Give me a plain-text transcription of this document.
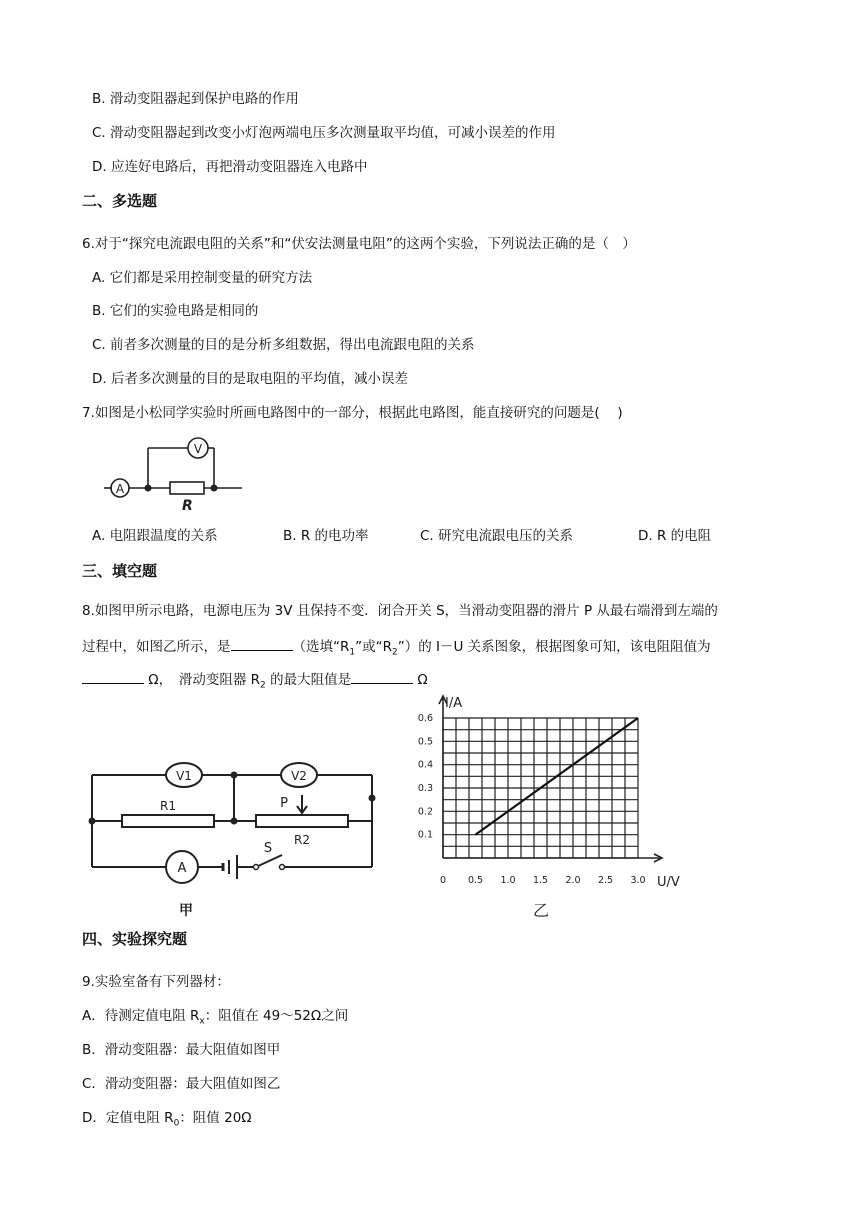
B. 滑动变阻器起到保护电路的作用
C. 滑动变阻器起到改变小灯泡两端电压多次测量取平均值，可减小误差的作用
D. 应连好电路后，再把滑动变阻器连入电路中
二、多选题
6.对于“探究电流跟电阻的关系”和“伏安法测量电阻”的这两个实验，下列说法正确的是（　）
A. 它们都是采用控制变量的研究方法
B. 它们的实验电路是相同的
C. 前者多次测量的目的是分析多组数据，得出电流跟电阻的关系
D. 后者多次测量的目的是取电阻的平均值，减小误差
7.如图是小松同学实验时所画电路图中的一部分，根据此电路图，能直接研究的问题是(　 )
A
V
R
A. 电阻跟温度的关系	B. R 的电功率	C. 研究电流跟电压的关系	D. R 的电阻
三、填空题
8.如图甲所示电路，电源电压为 3V 且保持不变．闭合开关 S，当滑动变阻器的滑片 P 从最右端滑到左端的
过程中，如图乙所示，是	（选填“$R_1$”或“$R_2$”）的 I－U 关系图象，根据图象可知，该电阻阻值为
Ω，　滑动变阻器 $R_2$ 的最大阻值是	Ω
V1	V2
R1
R2
P
S
A
甲
0 0.5 1.0 1.5 2.0 2.5 3.0
0.1
0.2
0.3
0.4
0.5
0.6
I/A
U/V
乙
四、实验探究题
9.实验室备有下列器材：
A．待测定值电阻 $R_x$：阻值在 49～52Ω之间
B．滑动变阻器：最大阻值如图甲
C．滑动变阻器：最大阻值如图乙
D．定值电阻 $R_0$：阻值 20Ω
